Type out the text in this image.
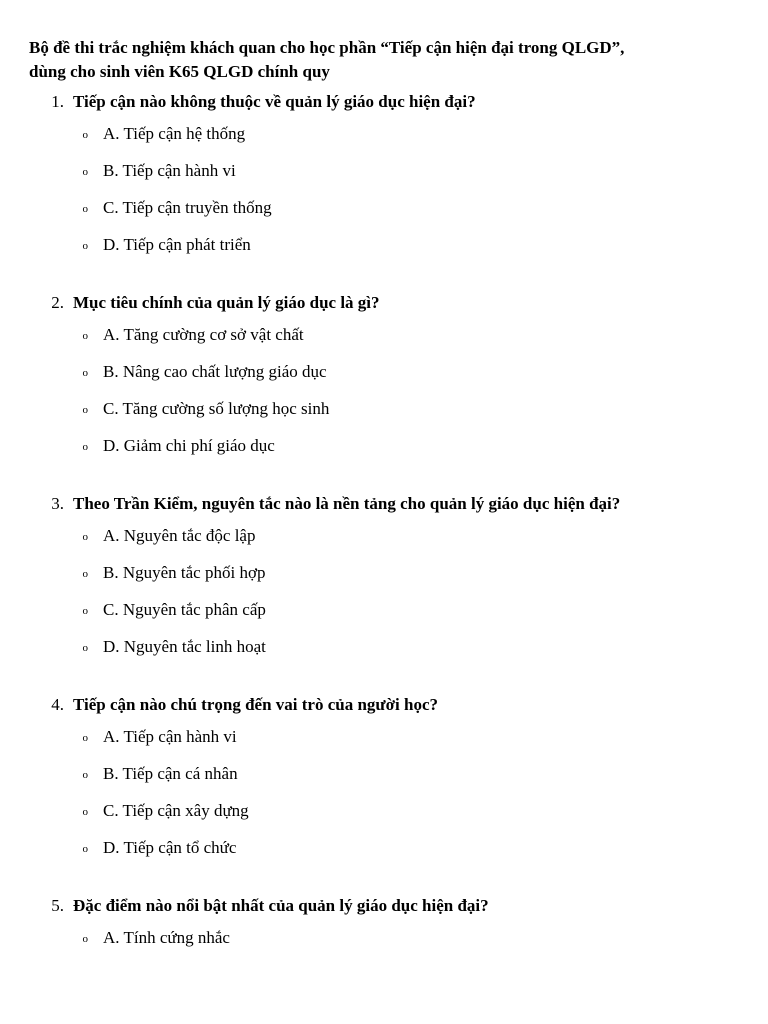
Bộ đề thi trắc nghiệm khách quan cho học phần “Tiếp cận hiện đại trong QLGD”,
dùng cho sinh viên K65 QLGD chính quy

1. Tiếp cận nào không thuộc về quản lý giáo dục hiện đại?
o A. Tiếp cận hệ thống
o B. Tiếp cận hành vi
o C. Tiếp cận truyền thống
o D. Tiếp cận phát triển
2. Mục tiêu chính của quản lý giáo dục là gì?
o A. Tăng cường cơ sở vật chất
o B. Nâng cao chất lượng giáo dục
o C. Tăng cường số lượng học sinh
o D. Giảm chi phí giáo dục
3. Theo Trần Kiểm, nguyên tắc nào là nền tảng cho quản lý giáo dục hiện đại?
o A. Nguyên tắc độc lập
o B. Nguyên tắc phối hợp
o C. Nguyên tắc phân cấp
o D. Nguyên tắc linh hoạt
4. Tiếp cận nào chú trọng đến vai trò của người học?
o A. Tiếp cận hành vi
o B. Tiếp cận cá nhân
o C. Tiếp cận xây dựng
o D. Tiếp cận tổ chức
5. Đặc điểm nào nổi bật nhất của quản lý giáo dục hiện đại?
o A. Tính cứng nhắc
